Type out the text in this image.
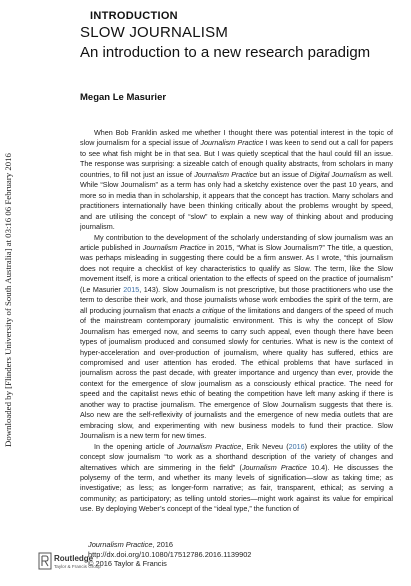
Downloaded by [Flinders University of South Australia] at 03:16 06 February 2016
INTRODUCTION
SLOW JOURNALISM
An introduction to a new research paradigm
Megan Le Masurier

When Bob Franklin asked me whether I thought there was potential interest in the topic of slow journalism for a special issue of Journalism Practice I was keen to send out a call for papers to see what fish might be in that sea. But I was quietly sceptical that the haul could fill an issue. The response was surprising: a sizeable catch of enough quality abstracts, from scholars in many countries, to fill not just an issue of Journalism Practice but an issue of Digital Journalism as well. While “Slow Journalism” as a term has only had a sketchy existence over the past 10 years, and more so in media than in scholarship, it appears that the concept has traction. Many scholars and practitioners internationally have been thinking critically about the problems wrought by speed, and are utilising the concept of “slow” to explain a new way of thinking about and producing journalism.

My contribution to the development of the scholarly understanding of slow journalism was an article published in Journalism Practice in 2015, “What is Slow Journalism?” The title, a question, was perhaps misleading in suggesting there could be a firm answer. As I wrote, “this journalism does not require a checklist of key characteristics to qualify as Slow. The term, like the Slow movement itself, is more a critical orientation to the effects of speed on the practice of journalism” (Le Masurier 2015, 143). Slow Journalism is not prescriptive, but those practitioners who use the term to describe their work, and those journalists whose work embodies the spirit of the term, are all producing journalism that enacts a critique of the limitations and dangers of the speed of much of the mainstream contemporary journalistic environment. This is why the concept of Slow Journalism has emerged now, and seems to carry such appeal, even though there have been types of journalism produced and consumed slowly for centuries. What is new is the context of hyper-acceleration and over-production of journalism, where quality has suffered, ethics are compromised and user attention has eroded. The ethical problems that have surfaced in journalism across the past decade, with greater importance and urgency than ever, provide the context for the emergence of slow journalism as a consciously ethical practice. The need for speed and the capitalist news ethic of beating the competition have left many asking if there is another way to practise journalism. The emergence of Slow Journalism suggests that there is. Also new are the self-reflexivity of journalists and the emergence of new media outlets that are embracing slow, and experimenting with new business models to fund their practice. Slow Journalism is a new term for new times.

In the opening article of Journalism Practice, Erik Neveu (2016) explores the utility of the concept slow journalism “to work as a shorthand description of the variety of changes and alternatives which are simmering in the field” (Journalism Practice 10.4). He discusses the polysemy of the term, and whether its many levels of signification—slow as taking time; as investigative; as less; as longer-form narrative; as fair, transparent, ethical; as serving a community; as participatory; as telling untold stories—might work against its value for empirical use. By deploying Weber’s concept of the “ideal type,” the function of

Routledge
Taylor & Francis Group
Journalism Practice, 2016
http://dx.doi.org/10.1080/17512786.2016.1139902
© 2016 Taylor & Francis
